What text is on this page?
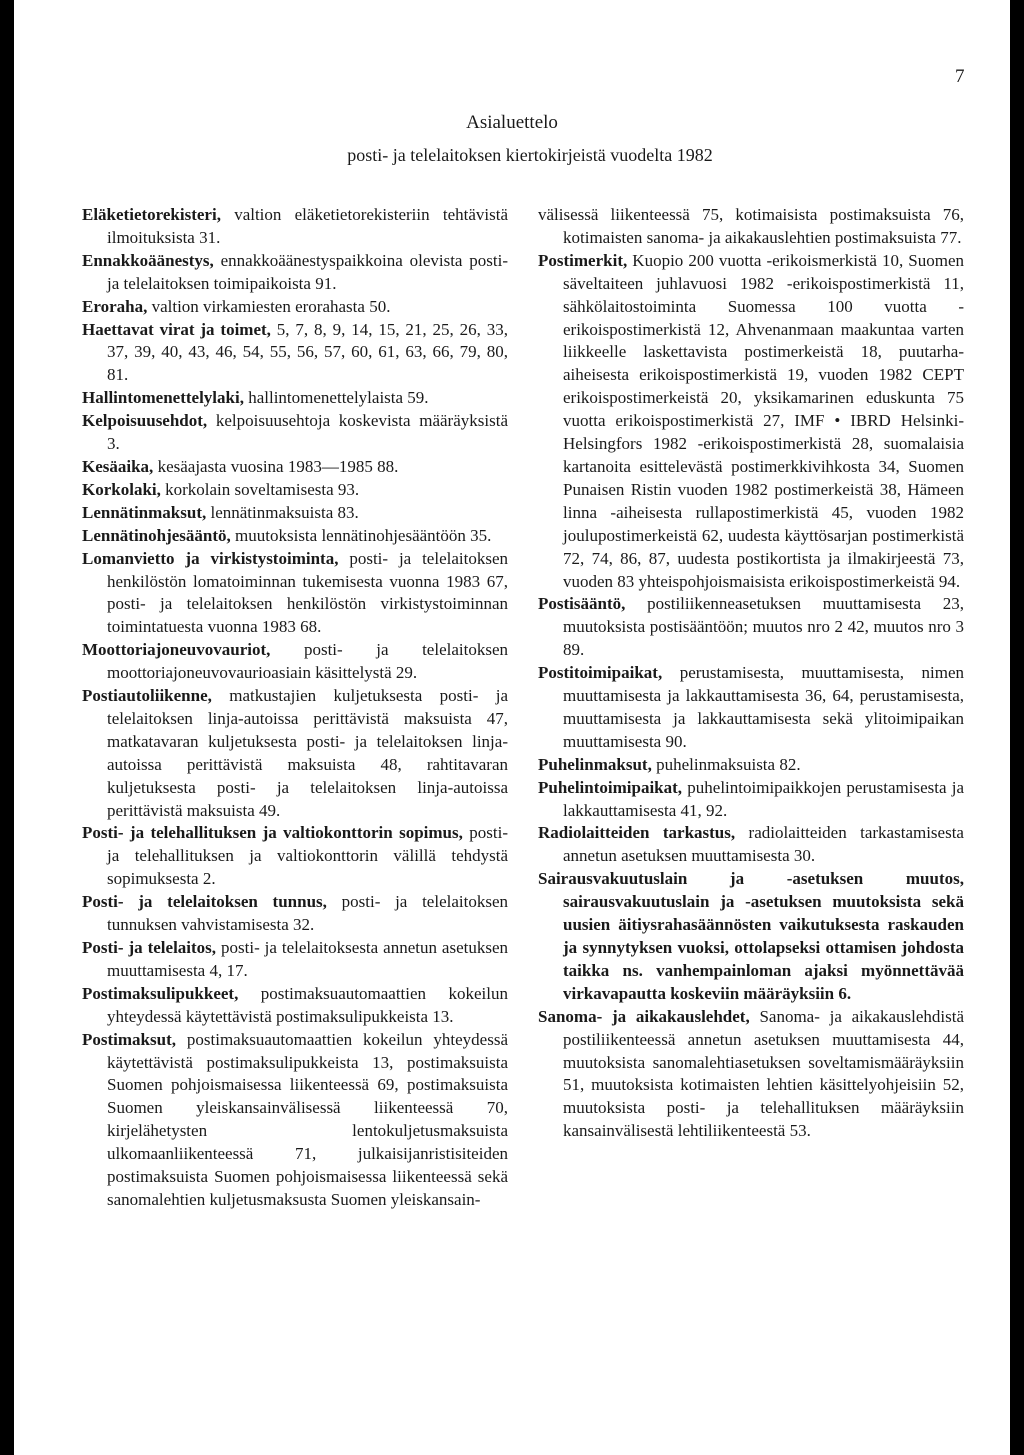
7
Asialuettelo
posti- ja telelaitoksen kiertokirjeistä vuodelta 1982

Eläketietorekisteri, valtion eläketietorekisteriin tehtävistä ilmoituksista 31.

Ennakkoäänestys, ennakkoäänestyspaikkoina olevista posti- ja telelaitoksen toimipaikoista 91.

Eroraha, valtion virkamiesten erorahasta 50.

Haettavat virat ja toimet, 5, 7, 8, 9, 14, 15, 21, 25, 26, 33, 37, 39, 40, 43, 46, 54, 55, 56, 57, 60, 61, 63, 66, 79, 80, 81.

Hallintomenettelylaki, hallintomenettelylaista 59.

Kelpoisuusehdot, kelpoisuusehtoja koskevista määräyksistä 3.

Kesäaika, kesäajasta vuosina 1983—1985 88.

Korkolaki, korkolain soveltamisesta 93.

Lennätinmaksut, lennätinmaksuista 83.

Lennätinohjesääntö, muutoksista lennätinohjesääntöön 35.

Lomanvietto ja virkistystoiminta, posti- ja telelaitoksen henkilöstön lomatoiminnan tukemisesta vuonna 1983 67, posti- ja telelaitoksen henkilöstön virkistystoiminnan toimintatuesta vuonna 1983 68.

Moottoriajoneuvovauriot, posti- ja telelaitoksen moottoriajoneuvovaurioasiain käsittelystä 29.

Postiautoliikenne, matkustajien kuljetuksesta posti- ja telelaitoksen linja-autoissa perittävistä maksuista 47, matkatavaran kuljetuksesta posti- ja telelaitoksen linja-autoissa perittävistä maksuista 48, rahtitavaran kuljetuksesta posti- ja telelaitoksen linja-autoissa perittävistä maksuista 49.

Posti- ja telehallituksen ja valtiokonttorin sopimus, posti- ja telehallituksen ja valtiokonttorin välillä tehdystä sopimuksesta 2.

Posti- ja telelaitoksen tunnus, posti- ja telelaitoksen tunnuksen vahvistamisesta 32.

Posti- ja telelaitos, posti- ja telelaitoksesta annetun asetuksen muuttamisesta 4, 17.

Postimaksulipukkeet, postimaksuautomaattien kokeilun yhteydessä käytettävistä postimaksulipukkeista 13.

Postimaksut, postimaksuautomaattien kokeilun yhteydessä käytettävistä postimaksulipukkeista 13, postimaksuista Suomen pohjoismaisessa liikenteessä 69, postimaksuista Suomen yleiskansainvälisessä liikenteessä 70, kirjelähetysten lentokuljetusmaksuista ulkomaanliikenteessä 71, julkaisijanristisiteiden postimaksuista Suomen pohjoismaisessa liikenteessä sekä sanomalehtien kuljetusmaksusta Suomen yleiskansain-

välisessä liikenteessä 75, kotimaisista postimaksuista 76, kotimaisten sanoma- ja aikakauslehtien postimaksuista 77.

Postimerkit, Kuopio 200 vuotta -erikoismerkistä 10, Suomen säveltaiteen juhlavuosi 1982 -erikoispostimerkistä 11, sähkölaitostoiminta Suomessa 100 vuotta -erikoispostimerkistä 12, Ahvenanmaan maakuntaa varten liikkeelle laskettavista postimerkeistä 18, puutarha-aiheisesta erikoispostimerkistä 19, vuoden 1982 CEPT erikoispostimerkeistä 20, yksikamarinen eduskunta 75 vuotta erikoispostimerkistä 27, IMF • IBRD Helsinki-Helsingfors 1982 -erikoispostimerkistä 28, suomalaisia kartanoita esittelevästä postimerkkivihkosta 34, Suomen Punaisen Ristin vuoden 1982 postimerkeistä 38, Hämeen linna -aiheisesta rullapostimerkistä 45, vuoden 1982 joulupostimerkeistä 62, uudesta käyttösarjan postimerkistä 72, 74, 86, 87, uudesta postikortista ja ilmakirjeestä 73, vuoden 83 yhteispohjoismaisista erikoispostimerkeistä 94.

Postisääntö, postiliikenneasetuksen muuttamisesta 23, muutoksista postisääntöön; muutos nro 2 42, muutos nro 3 89.

Postitoimipaikat, perustamisesta, muuttamisesta, nimen muuttamisesta ja lakkauttamisesta 36, 64, perustamisesta, muuttamisesta ja lakkauttamisesta sekä ylitoimipaikan muuttamisesta 90.

Puhelinmaksut, puhelinmaksuista 82.

Puhelintoimipaikat, puhelintoimipaikkojen perustamisesta ja lakkauttamisesta 41, 92.

Radiolaitteiden tarkastus, radiolaitteiden tarkastamisesta annetun asetuksen muuttamisesta 30.

Sairausvakuutuslain ja -asetuksen muutos, sairausvakuutuslain ja -asetuksen muutoksista sekä uusien äitiysrahasäännösten vaikutuksesta raskauden ja synnytyksen vuoksi, ottolapseksi ottamisen johdosta taikka ns. vanhempainloman ajaksi myönnettävää virkavapautta koskeviin määräyksiin 6.

Sanoma- ja aikakauslehdet, Sanoma- ja aikakauslehdistä postiliikenteessä annetun asetuksen muuttamisesta 44, muutoksista sanomalehtiasetuksen soveltamismääräyksiin 51, muutoksista kotimaisten lehtien käsittelyohjeisiin 52, muutoksista posti- ja telehallituksen määräyksiin kansainvälisestä lehtiliikenteestä 53.
